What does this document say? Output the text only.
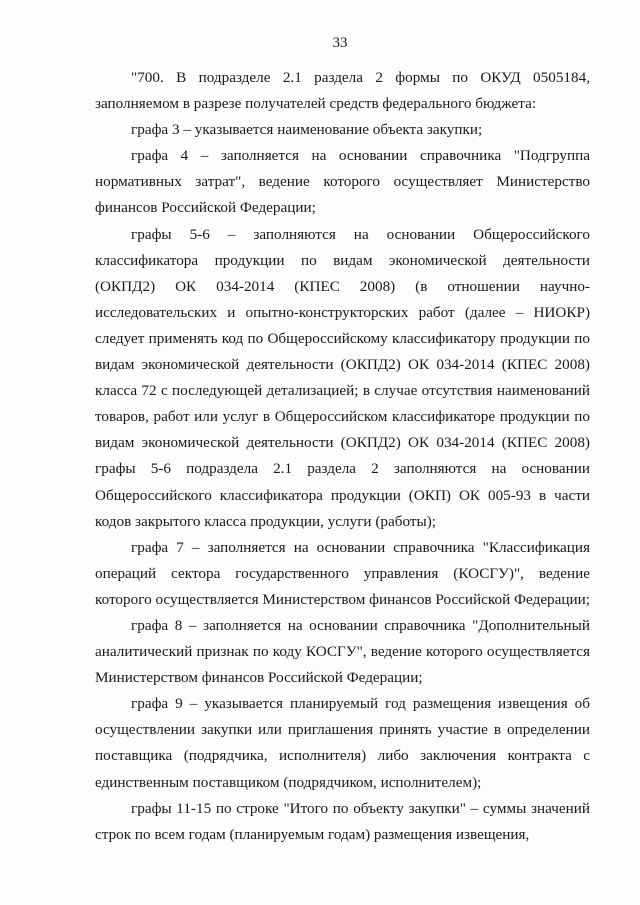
33

"700. В подразделе 2.1 раздела 2 формы по ОКУД 0505184, заполняемом в разрезе получателей средств федерального бюджета:

графа 3 – указывается наименование объекта закупки;

графа 4 – заполняется на основании справочника "Подгруппа нормативных затрат", ведение которого осуществляет Министерство финансов Российской Федерации;

графы 5-6 – заполняются на основании Общероссийского классификатора продукции по видам экономической деятельности (ОКПД2) ОК 034-2014 (КПЕС 2008) (в отношении научно-исследовательских и опытно-конструкторских работ (далее – НИОКР) следует применять код по Общероссийскому классификатору продукции по видам экономической деятельности (ОКПД2) ОК 034-2014 (КПЕС 2008) класса 72 с последующей детализацией; в случае отсутствия наименований товаров, работ или услуг в Общероссийском классификаторе продукции по видам экономической деятельности (ОКПД2) ОК 034-2014 (КПЕС 2008) графы 5-6 подраздела 2.1 раздела 2 заполняются на основании Общероссийского классификатора продукции (ОКП) ОК 005-93 в части кодов закрытого класса продукции, услуги (работы);

графа 7 – заполняется на основании справочника "Классификация операций сектора государственного управления (КОСГУ)", ведение которого осуществляется Министерством финансов Российской Федерации;

графа 8 – заполняется на основании справочника "Дополнительный аналитический признак по коду КОСГУ", ведение которого осуществляется Министерством финансов Российской Федерации;

графа 9 – указывается планируемый год размещения извещения об осуществлении закупки или приглашения принять участие в определении поставщика (подрядчика, исполнителя) либо заключения контракта с единственным поставщиком (подрядчиком, исполнителем);

графы 11-15 по строке "Итого по объекту закупки" – суммы значений строк по всем годам (планируемым годам) размещения извещения,
